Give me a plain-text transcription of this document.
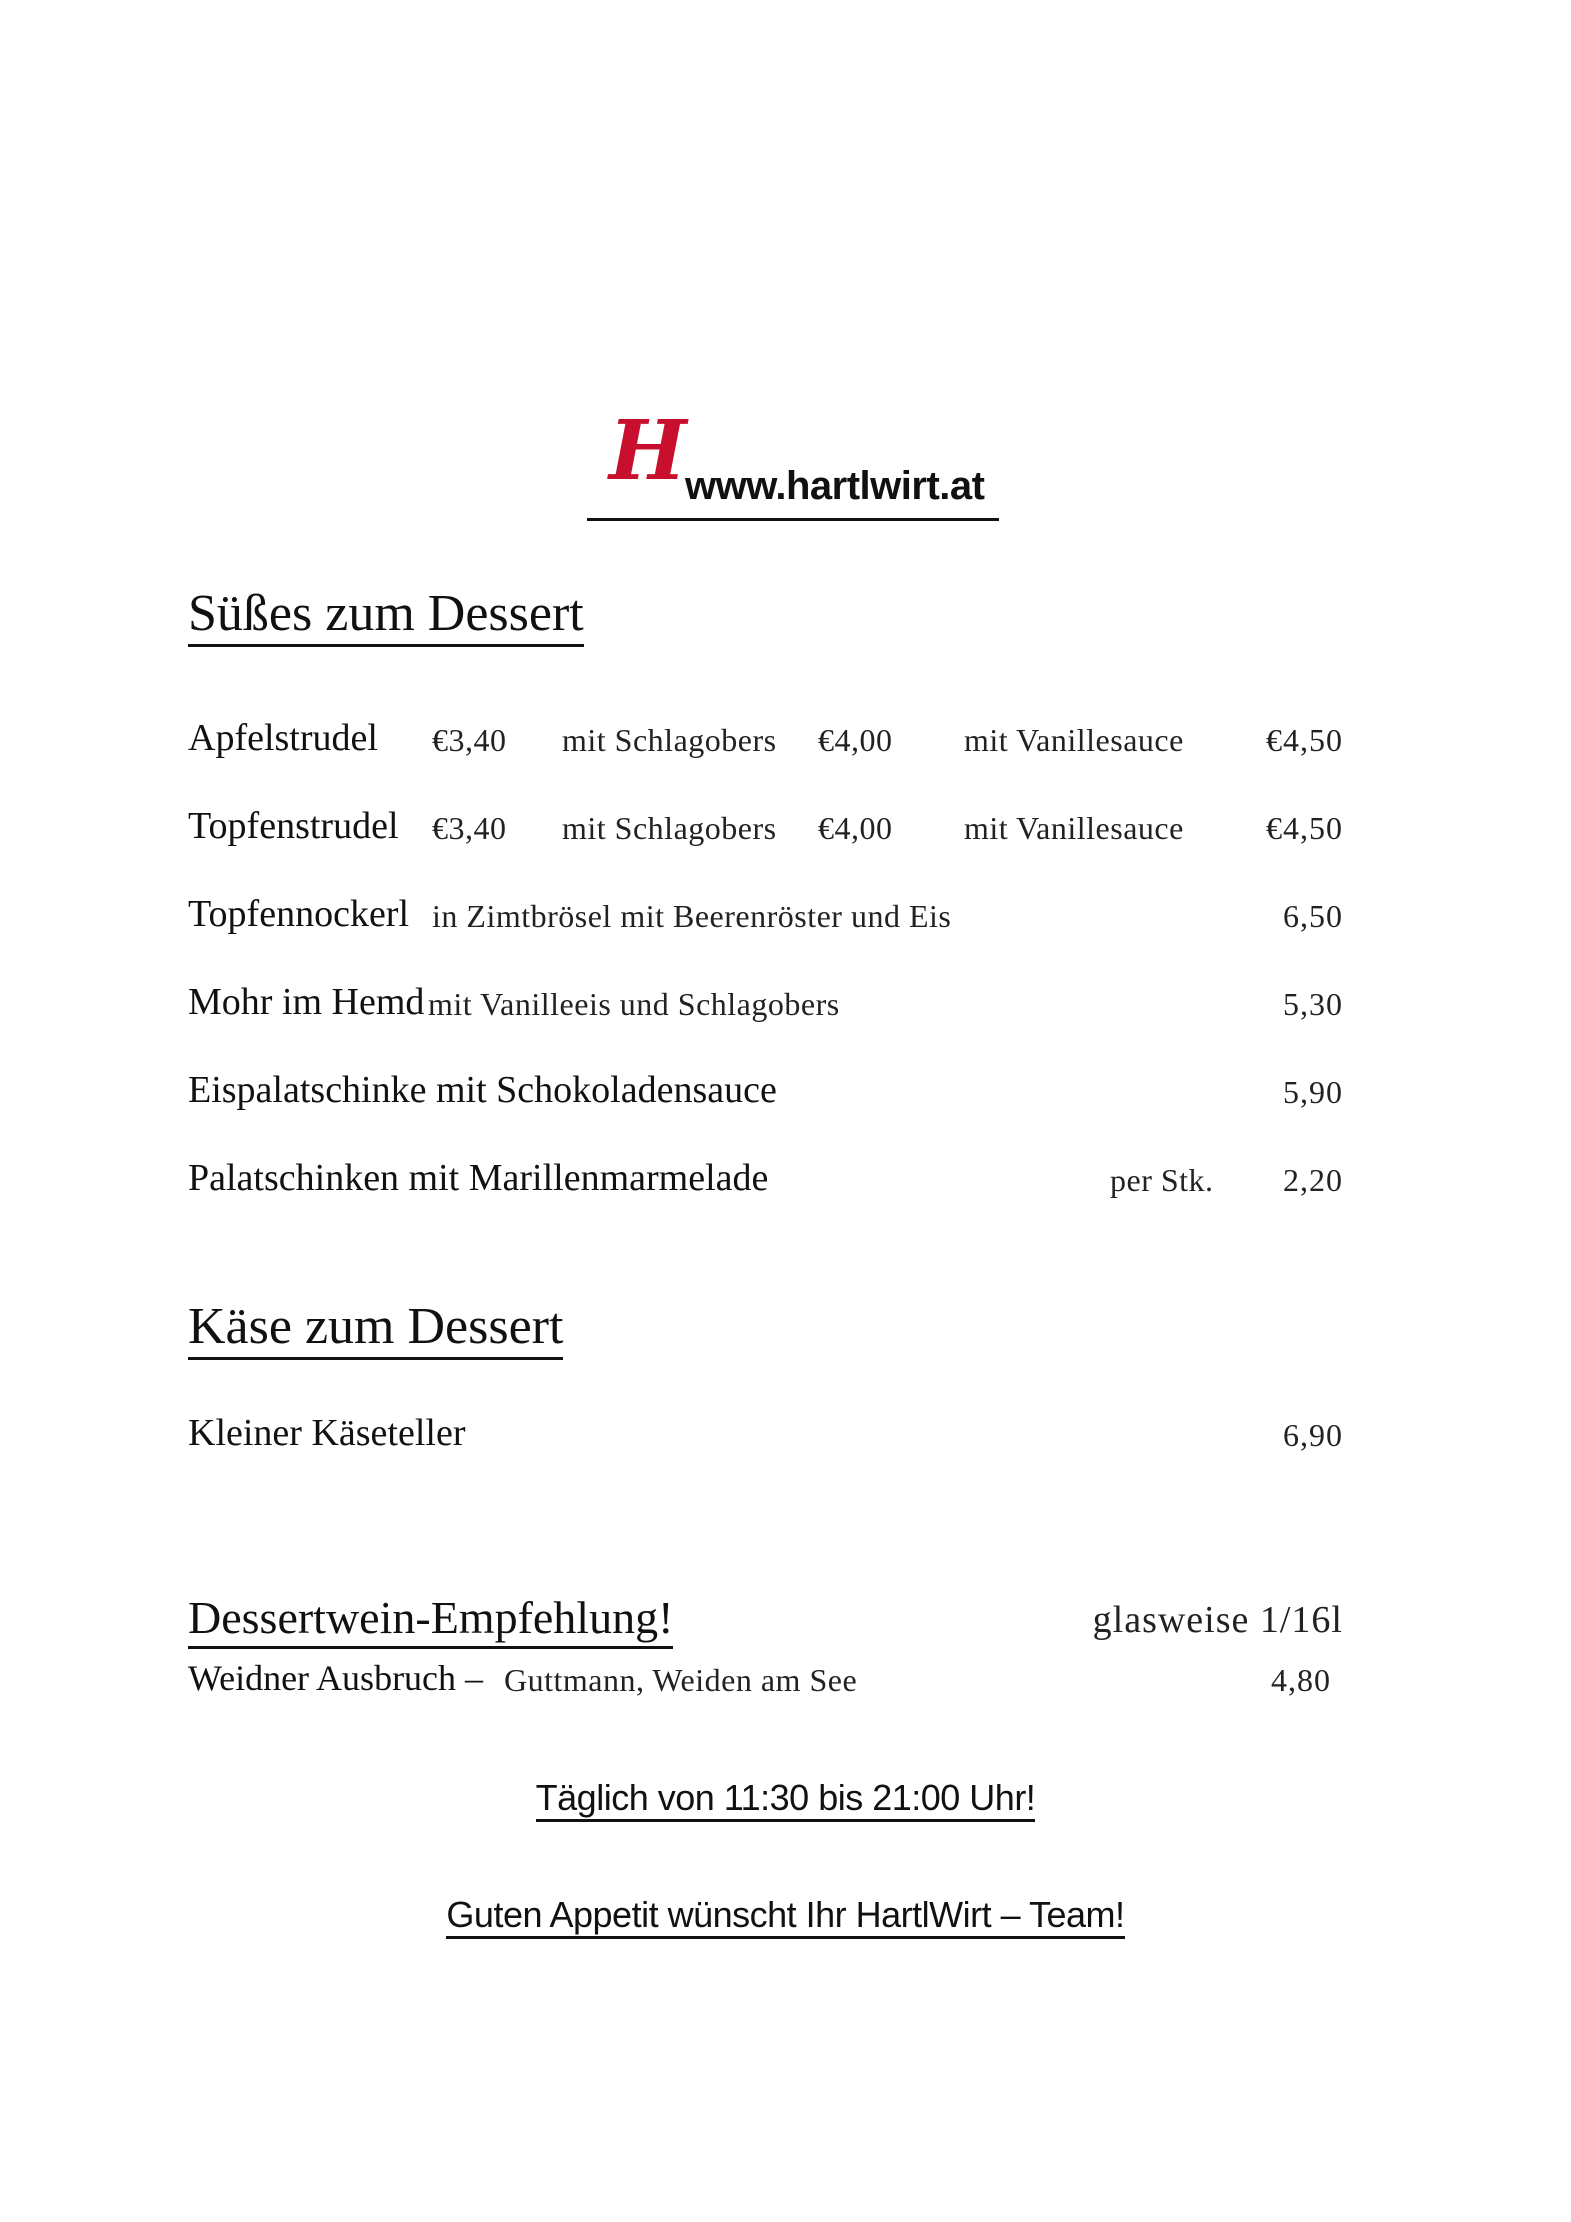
H
www.hartlwirt.at
Süßes zum Dessert
Apfelstrudel €3,40 mit Schlagobers €4,00 mit Vanillesauce	€4,50
Topfenstrudel €3,40 mit Schlagobers €4,00 mit Vanillesauce	€4,50
Topfennockerl in Zimtbrösel mit Beerenröster und Eis	6,50
Mohr im Hemd mit Vanilleeis und Schlagobers	5,30
Eispalatschinke mit Schokoladensauce	5,90
Palatschinken mit Marillenmarmelade	per Stk. 2,20
Käse zum Dessert
Kleiner Käseteller	6,90
Dessertwein-Empfehlung!	glasweise 1/16l
Weidner Ausbruch – Guttmann, Weiden am See	4,80
Täglich von 11:30 bis 21:00 Uhr!
Guten Appetit wünscht Ihr HartlWirt – Team!
